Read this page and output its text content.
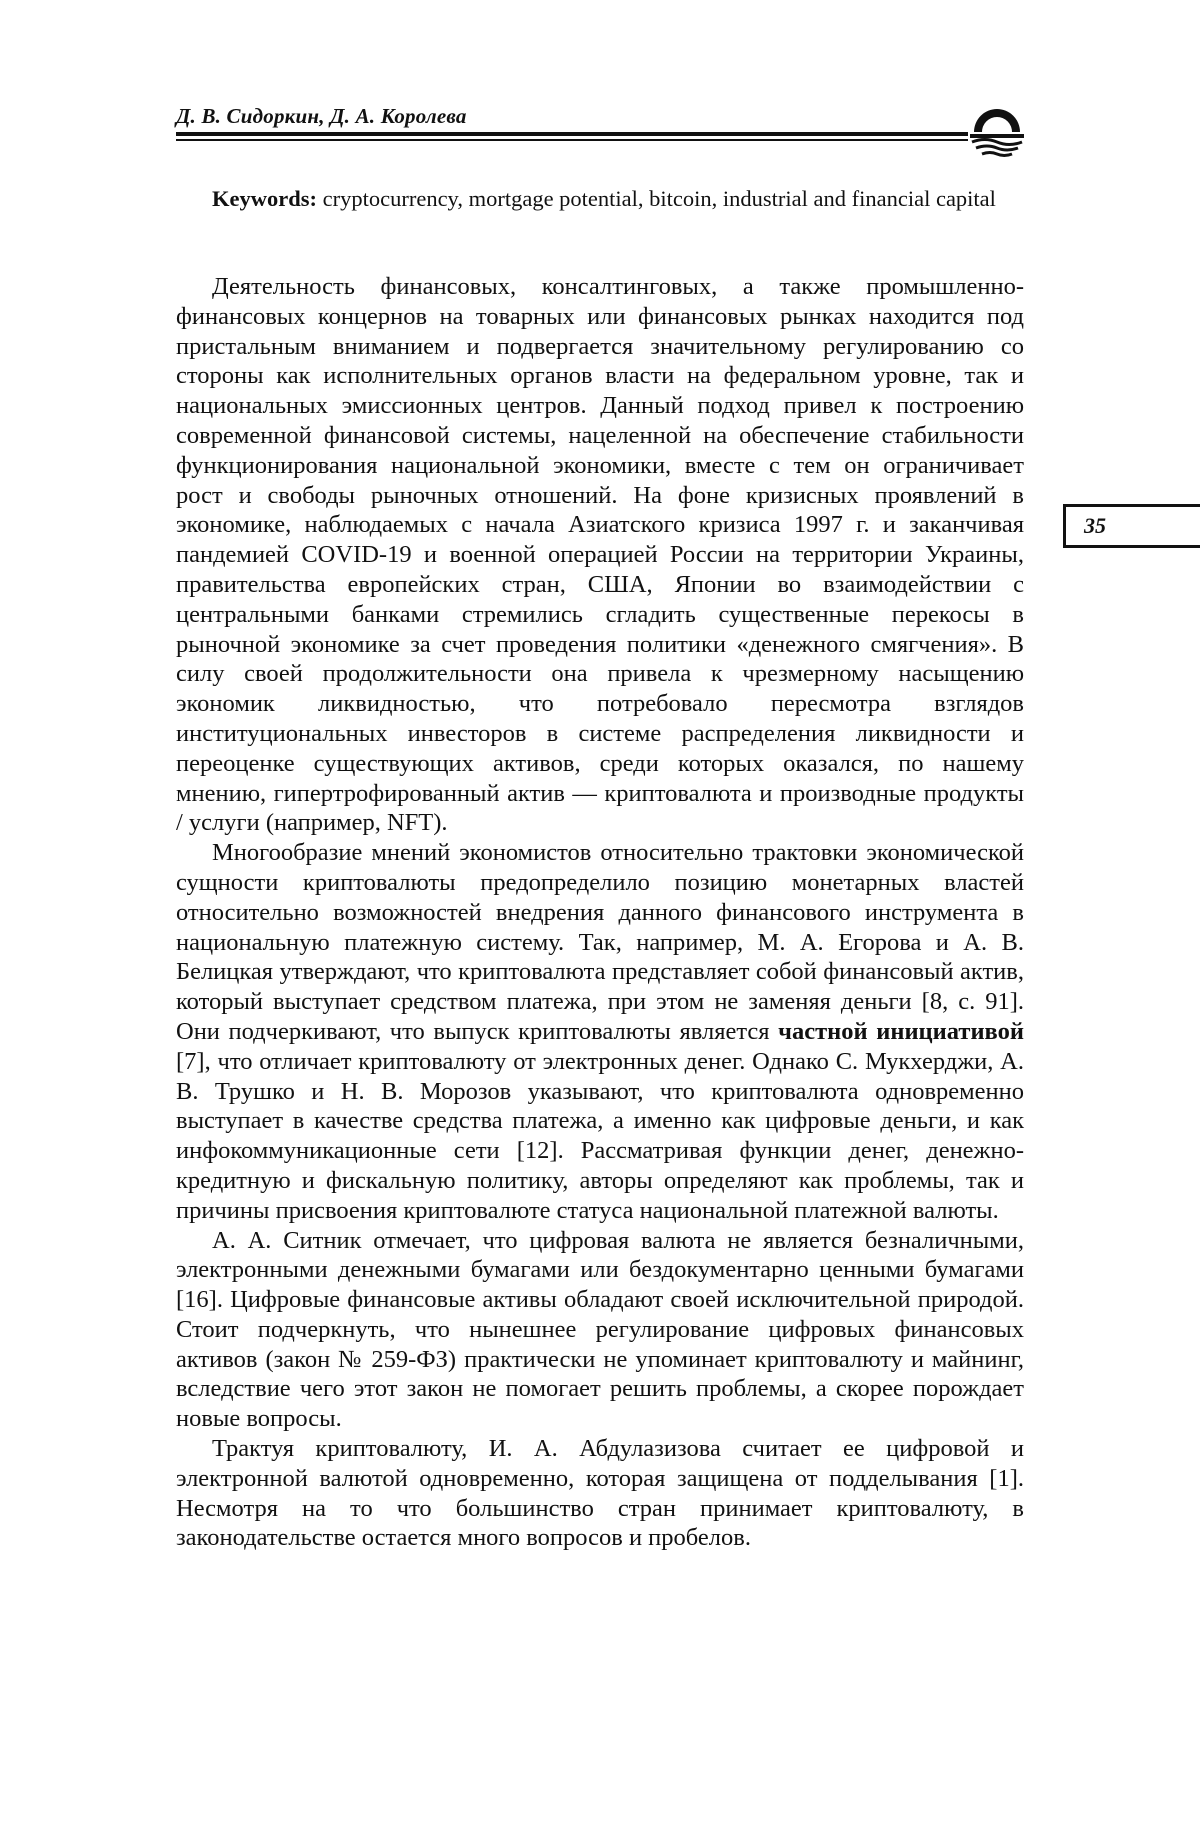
Д. В. Сидоркин, Д. А. Королева
35
Keywords: cryptocurrency, mortgage potential, bitcoin, industrial and financial capital

Деятельность финансовых, консалтинговых, а также промышленно-финансовых концернов на товарных или финансовых рынках находится под пристальным вниманием и подвергается значительному регулированию со стороны как исполнительных органов власти на федеральном уровне, так и национальных эмиссионных центров. Данный подход привел к построению современной финансовой системы, нацеленной на обеспечение стабильности функционирования национальной экономики, вместе с тем он ограничивает рост и свободы рыночных отношений. На фоне кризисных проявлений в экономике, наблюдаемых с начала Азиатского кризиса 1997 г. и заканчивая пандемией COVID-19 и военной операцией России на территории Украины, правительства европейских стран, США, Японии во взаимодействии с центральными банками стремились сгладить существенные перекосы в рыночной экономике за счет проведения политики «денежного смягчения». В силу своей продолжительности она привела к чрезмерному насыщению экономик ликвидностью, что потребовало пересмотра взглядов институциональных инвесторов в системе распределения ликвидности и переоценке существующих активов, среди которых оказался, по нашему мнению, гипертрофированный актив — криптовалюта и производные продукты / услуги (например, NFT).

Многообразие мнений экономистов относительно трактовки экономической сущности криптовалюты предопределило позицию монетарных властей относительно возможностей внедрения данного финансового инструмента в национальную платежную систему. Так, например, М. А. Егорова и А. В. Белицкая утверждают, что криптовалюта представляет собой финансовый актив, который выступает средством платежа, при этом не заменяя деньги [8, с. 91]. Они подчеркивают, что выпуск криптовалюты является частной инициативой [7], что отличает криптовалюту от электронных денег. Однако С. Мукхерджи, А. В. Трушко и Н. В. Морозов указывают, что криптовалюта одновременно выступает в качестве средства платежа, а именно как цифровые деньги, и как инфокоммуникационные сети [12]. Рассматривая функции денег, денежно-кредитную и фискальную политику, авторы определяют как проблемы, так и причины присвоения криптовалюте статуса национальной платежной валюты.

А. А. Ситник отмечает, что цифровая валюта не является безналичными, электронными денежными бумагами или бездокументарно ценными бумагами [16]. Цифровые финансовые активы обладают своей исключительной природой. Стоит подчеркнуть, что нынешнее регулирование цифровых финансовых активов (закон № 259-ФЗ) практически не упоминает криптовалюту и майнинг, вследствие чего этот закон не помогает решить проблемы, а скорее порождает новые вопросы.

Трактуя криптовалюту, И. А. Абдулазизова считает ее цифровой и электронной валютой одновременно, которая защищена от подделывания [1]. Несмотря на то что большинство стран принимает криптовалюту, в законодательстве остается много вопросов и пробелов.
